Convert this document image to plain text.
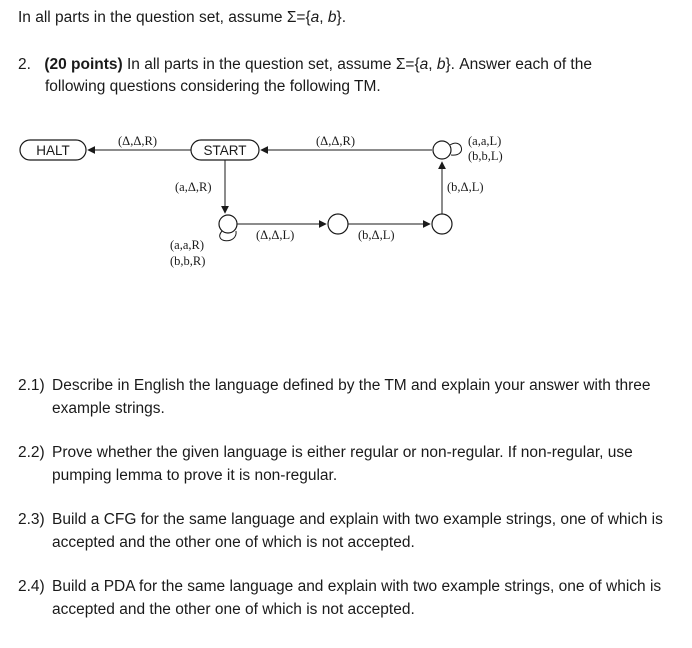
In all parts in the question set, assume Σ={a, b}.
2. (20 points) In all parts in the question set, assume Σ={a, b}. Answer each of the
following questions considering the following TM.
HALT	START
(Δ,Δ,R)	(Δ,Δ,R)
(a,Δ,R)
(a,a,R)
(b,b,R)
(Δ,Δ,L)	(b,Δ,L)
(b,Δ,L)
(a,a,L)
(b,b,L)
2.1) Describe in English the language defined by the TM and explain your answer with three example strings.
2.2) Prove whether the given language is either regular or non-regular. If non-regular, use pumping lemma to prove it is non-regular.
2.3) Build a CFG for the same language and explain with two example strings, one of which is accepted and the other one of which is not accepted.
2.4) Build a PDA for the same language and explain with two example strings, one of which is accepted and the other one of which is not accepted.
